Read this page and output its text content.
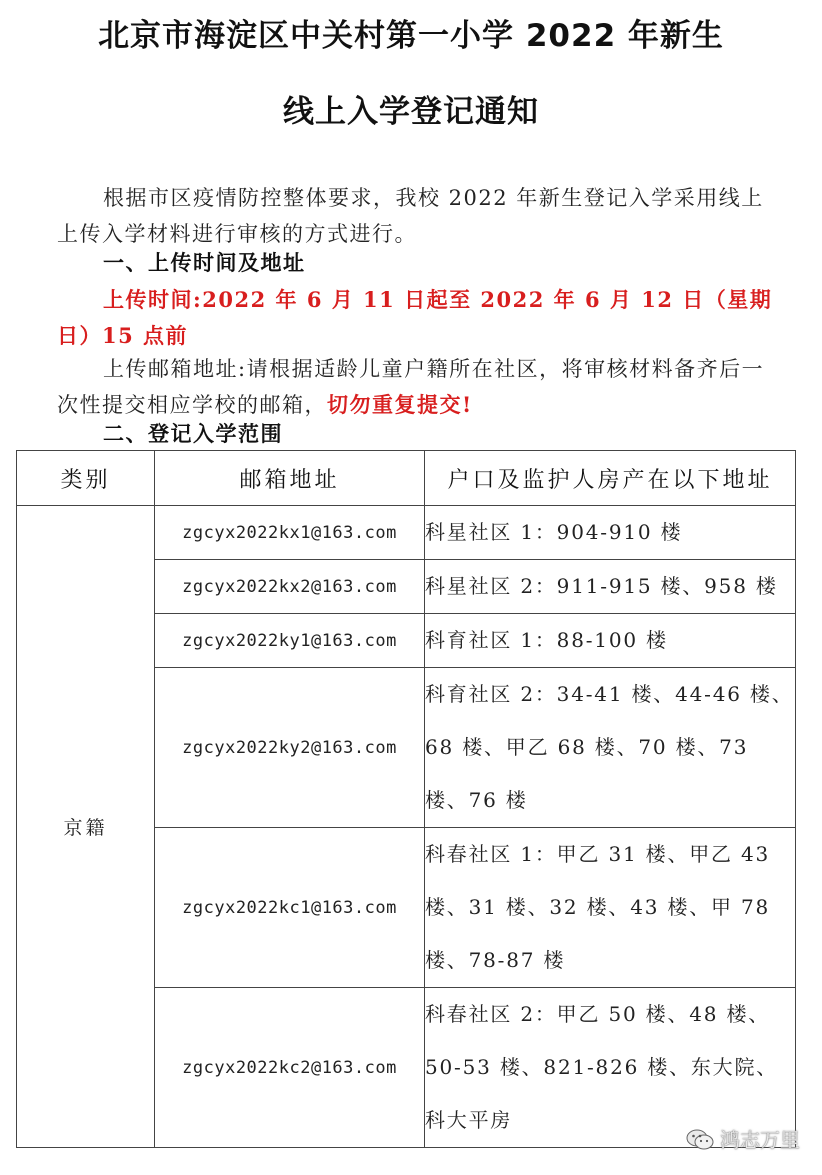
北京市海淀区中关村第一小学 2022 年新生
线上入学登记通知
根据市区疫情防控整体要求，我校 2022 年新生登记入学采用线上上传入学材料进行审核的方式进行。
一、上传时间及地址
上传时间:2022 年 6 月 11 日起至 2022 年 6 月 12 日（星期日）15 点前
上传邮箱地址:请根据适龄儿童户籍所在社区，将审核材料备齐后一次性提交相应学校的邮箱，切勿重复提交!
二、登记入学范围
类别	邮箱地址	户口及监护人房产在以下地址
京籍	zgcyx2022kx1@163.com	科星社区 1：904-910 楼
	zgcyx2022kx2@163.com	科星社区 2：911-915 楼、958 楼
	zgcyx2022ky1@163.com	科育社区 1：88-100 楼
	zgcyx2022ky2@163.com	科育社区 2：34-41 楼、44-46 楼、68 楼、甲乙 68 楼、70 楼、73 楼、76 楼
	zgcyx2022kc1@163.com	科春社区 1：甲乙 31 楼、甲乙 43 楼、31 楼、32 楼、43 楼、甲 78 楼、78-87 楼
	zgcyx2022kc2@163.com	科春社区 2：甲乙 50 楼、48 楼、50-53 楼、821-826 楼、东大院、科大平房
鸿志万里
